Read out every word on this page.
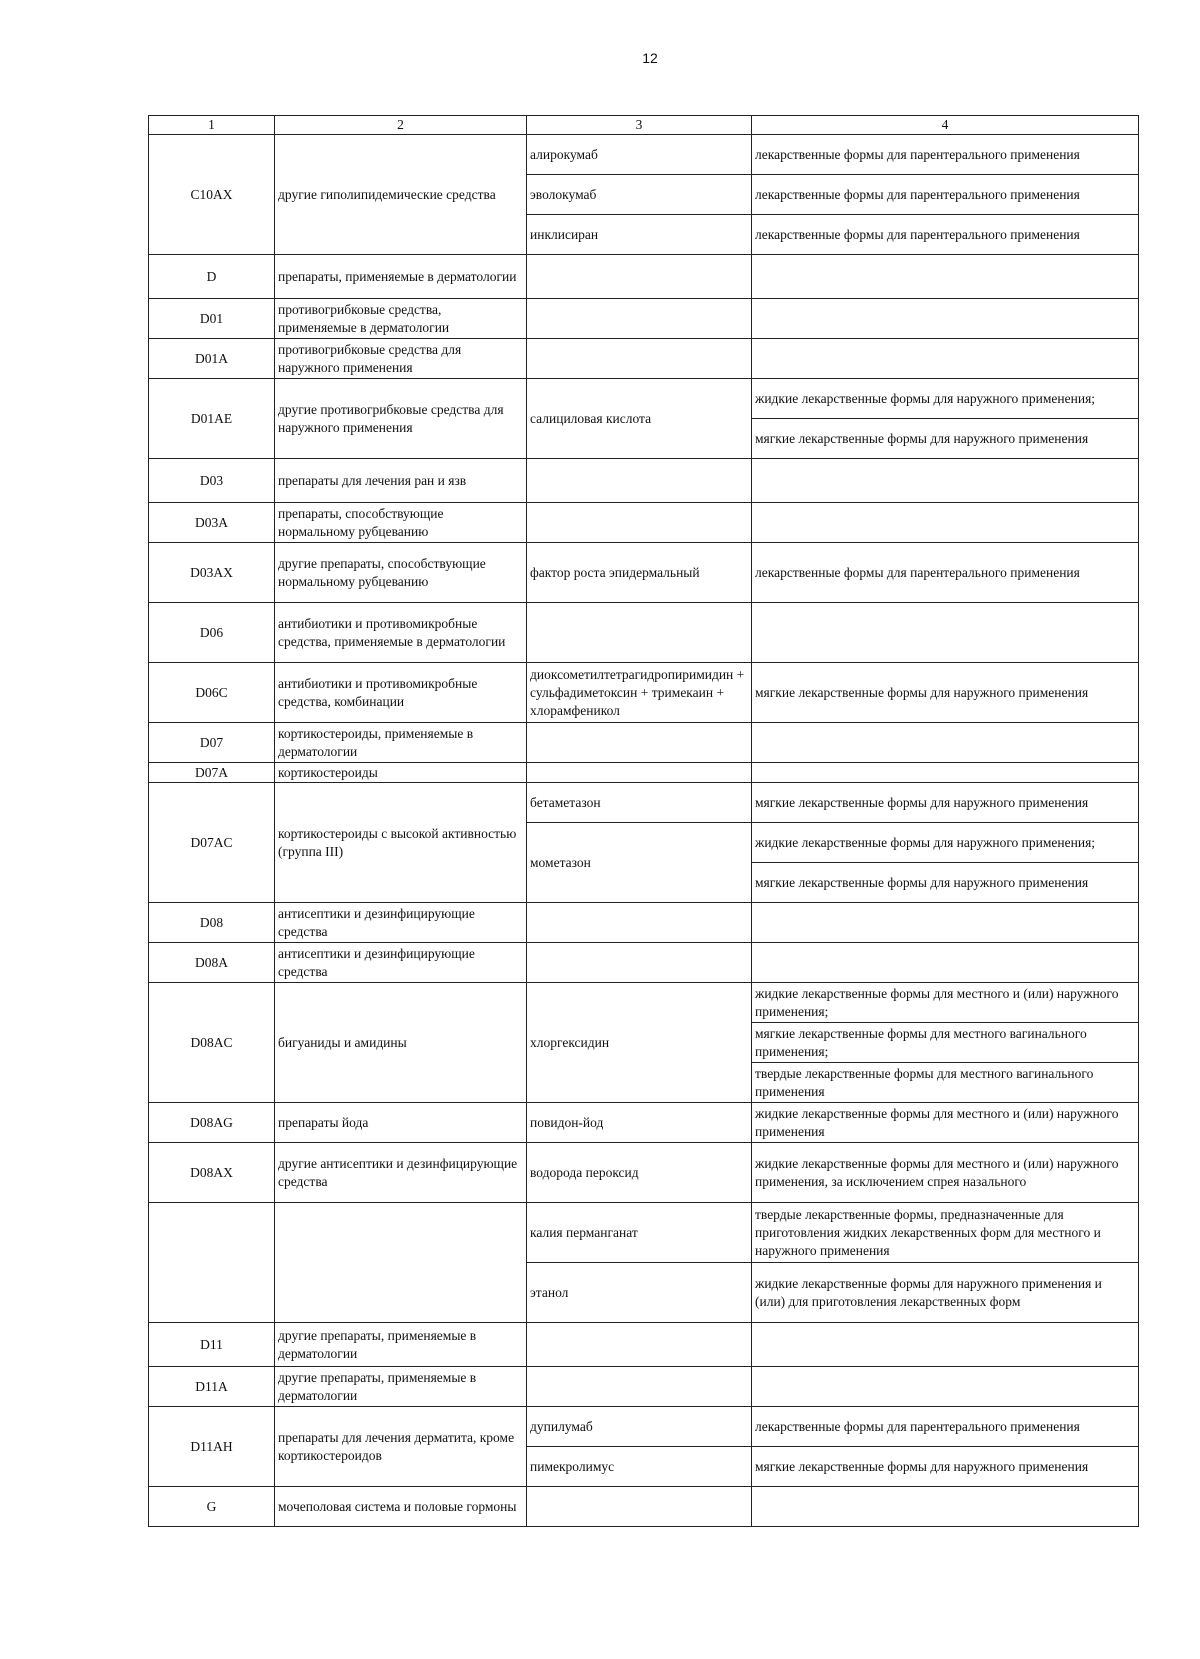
12
1	2	3	4
C10AX	другие гиполипидемические средства	алирокумаб	лекарственные формы для парентерального применения
		эволокумаб	лекарственные формы для парентерального применения
		инклисиран	лекарственные формы для парентерального применения
D	препараты, применяемые в дерматологии		
D01	противогрибковые средства, применяемые в дерматологии		
D01A	противогрибковые средства для наружного применения		
D01AE	другие противогрибковые средства для наружного применения	салициловая кислота	жидкие лекарственные формы для наружного применения;
			мягкие лекарственные формы для наружного применения
D03	препараты для лечения ран и язв		
D03A	препараты, способствующие нормальному рубцеванию		
D03AX	другие препараты, способствующие нормальному рубцеванию	фактор роста эпидермальный	лекарственные формы для парентерального применения
D06	антибиотики и противомикробные средства, применяемые в дерматологии		
D06C	антибиотики и противомикробные средства, комбинации	диоксометилтетрагидропиримидин + сульфадиметоксин + тримекаин + хлорамфеникол	мягкие лекарственные формы для наружного применения
D07	кортикостероиды, применяемые в дерматологии		
D07A	кортикостероиды		
D07AC	кортикостероиды с высокой активностью (группа III)	бетаметазон	мягкие лекарственные формы для наружного применения
		мометазон	жидкие лекарственные формы для наружного применения;
			мягкие лекарственные формы для наружного применения
D08	антисептики и дезинфицирующие средства		
D08A	антисептики и дезинфицирующие средства		
D08AC	бигуаниды и амидины	хлоргексидин	жидкие лекарственные формы для местного и (или) наружного применения;
			мягкие лекарственные формы для местного вагинального применения;
			твердые лекарственные формы для местного вагинального применения
D08AG	препараты йода	повидон-йод	жидкие лекарственные формы для местного и (или) наружного применения
D08AX	другие антисептики и дезинфицирующие средства	водорода пероксид	жидкие лекарственные формы для местного и (или) наружного применения, за исключением спрея назального
		калия перманганат	твердые лекарственные формы, предназначенные для приготовления жидких лекарственных форм для местного и наружного применения
		этанол	жидкие лекарственные формы для наружного применения и (или) для приготовления лекарственных форм
D11	другие препараты, применяемые в дерматологии		
D11A	другие препараты, применяемые в дерматологии		
D11AH	препараты для лечения дерматита, кроме кортикостероидов	дупилумаб	лекарственные формы для парентерального применения
		пимекролимус	мягкие лекарственные формы для наружного применения
G	мочеполовая система и половые гормоны		
